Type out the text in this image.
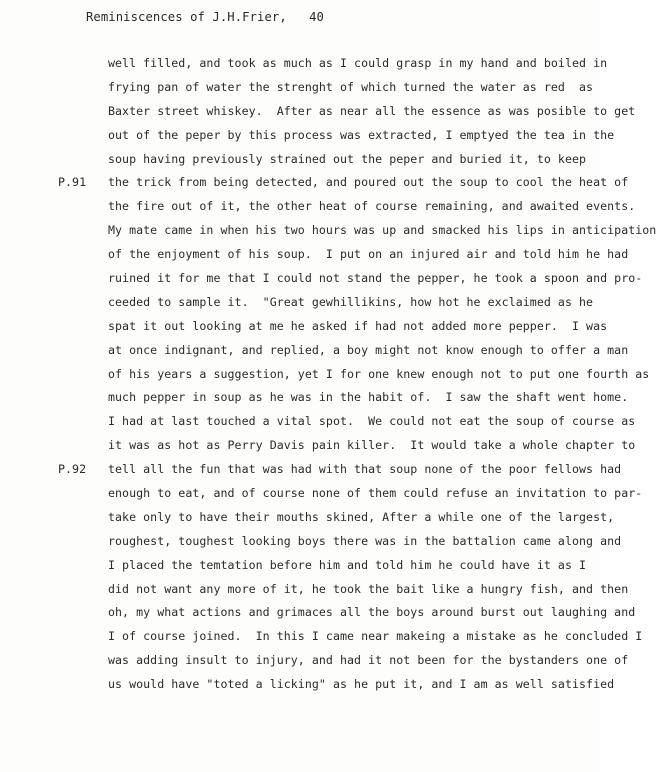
Reminiscences of J.H.Frier, 40
well filled, and took as much as I could grasp in my hand and boiled in
frying pan of water the strenght of which turned the water as red  as
Baxter street whiskey.  After as near all the essence as was posible to get
out of the peper by this process was extracted, I emptyed the tea in the
soup having previously strained out the peper and buried it, to keep
P.91 the trick from being detected, and poured out the soup to cool the heat of
the fire out of it, the other heat of course remaining, and awaited events.
My mate came in when his two hours was up and smacked his lips in anticipation
of the enjoyment of his soup.  I put on an injured air and told him he had
ruined it for me that I could not stand the pepper, he took a spoon and pro-
ceeded to sample it.  "Great gewhillikins, how hot he exclaimed as he
spat it out looking at me he asked if had not added more pepper.  I was
at once indignant, and replied, a boy might not know enough to offer a man
of his years a suggestion, yet I for one knew enough not to put one fourth as
much pepper in soup as he was in the habit of.  I saw the shaft went home.
I had at last touched a vital spot.  We could not eat the soup of course as
it was as hot as Perry Davis pain killer.  It would take a whole chapter to
P.92 tell all the fun that was had with that soup none of the poor fellows had
enough to eat, and of course none of them could refuse an invitation to par-
take only to have their mouths skined, After a while one of the largest,
roughest, toughest looking boys there was in the battalion came along and
I placed the temtation before him and told him he could have it as I
did not want any more of it, he took the bait like a hungry fish, and then
oh, my what actions and grimaces all the boys around burst out laughing and
I of course joined.  In this I came near makeing a mistake as he concluded I
was adding insult to injury, and had it not been for the bystanders one of
us would have "toted a licking" as he put it, and I am as well satisfied
